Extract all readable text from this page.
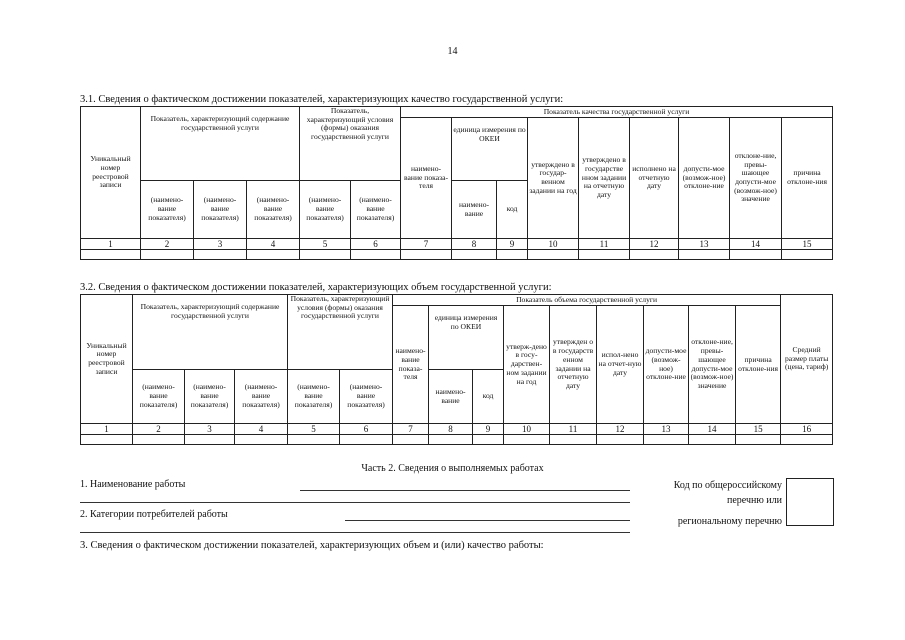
14
3.1. Сведения о фактическом достижении показателей, характеризующих качество государственной услуги:
Уникальный номер реестровой записи	Показатель, характеризующий содержание государственной услуги			Показатель, характеризующий условия (формы) оказания государственной услуги		Показатель качества государственной услуги								
						наимено-вание показа-теля	единица измерения по ОКЕИ		утверждено в государ-венном задании на год	утверждено в государстве нном задании на отчетную дату	исполнено на отчетную дату	допусти-мое (возмож-ное) отклоне-ние	отклоне-ние, превы-шающее допусти-мое (возмож-ное) значение	причина отклоне-ния
	(наимено-вание показателя)	(наимено-вание показателя)	(наимено-вание показателя)	(наимено-вание показателя)	(наимено-вание показателя)		наимено-вание	код						
1	2	3	4	5	6	7	8	9	10	11	12	13	14	15

3.2. Сведения о фактическом достижении показателей, характеризующих объем государственной услуги:
Уникальный номер реестровой записи	Показатель, характеризующий содержание государственной услуги			Показатель, характеризующий условия (формы) оказания государственной услуги		Показатель объема государственной услуги									Средний размер платы (цена, тариф)
						наимено-вание показа-теля	единица измерения по ОКЕИ		утверж-дено в госу-дарствен-ном задании на год	утвержден о в государств енном задании на отчетную дату	испол-нено на отчет-ную дату	допусти-мое (возмож-ное) отклоне-ние	отклоне-ние, превы-шающее допусти-мое (возмож-ное) значение	причина отклоне-ния	
	(наимено-вание показателя)	(наимено-вание показателя)	(наимено-вание показателя)	(наимено-вание показателя)	(наимено-вание показателя)		наимено-вание	код							
1	2	3	4	5	6	7	8	9	10	11	12	13	14	15	16

Часть 2. Сведения о выполняемых работах
1. Наименование работы
2. Категории потребителей работы
Код по общероссийскому
перечню или
региональному перечню
3. Сведения о фактическом достижении показателей, характеризующих объем и (или) качество работы:
